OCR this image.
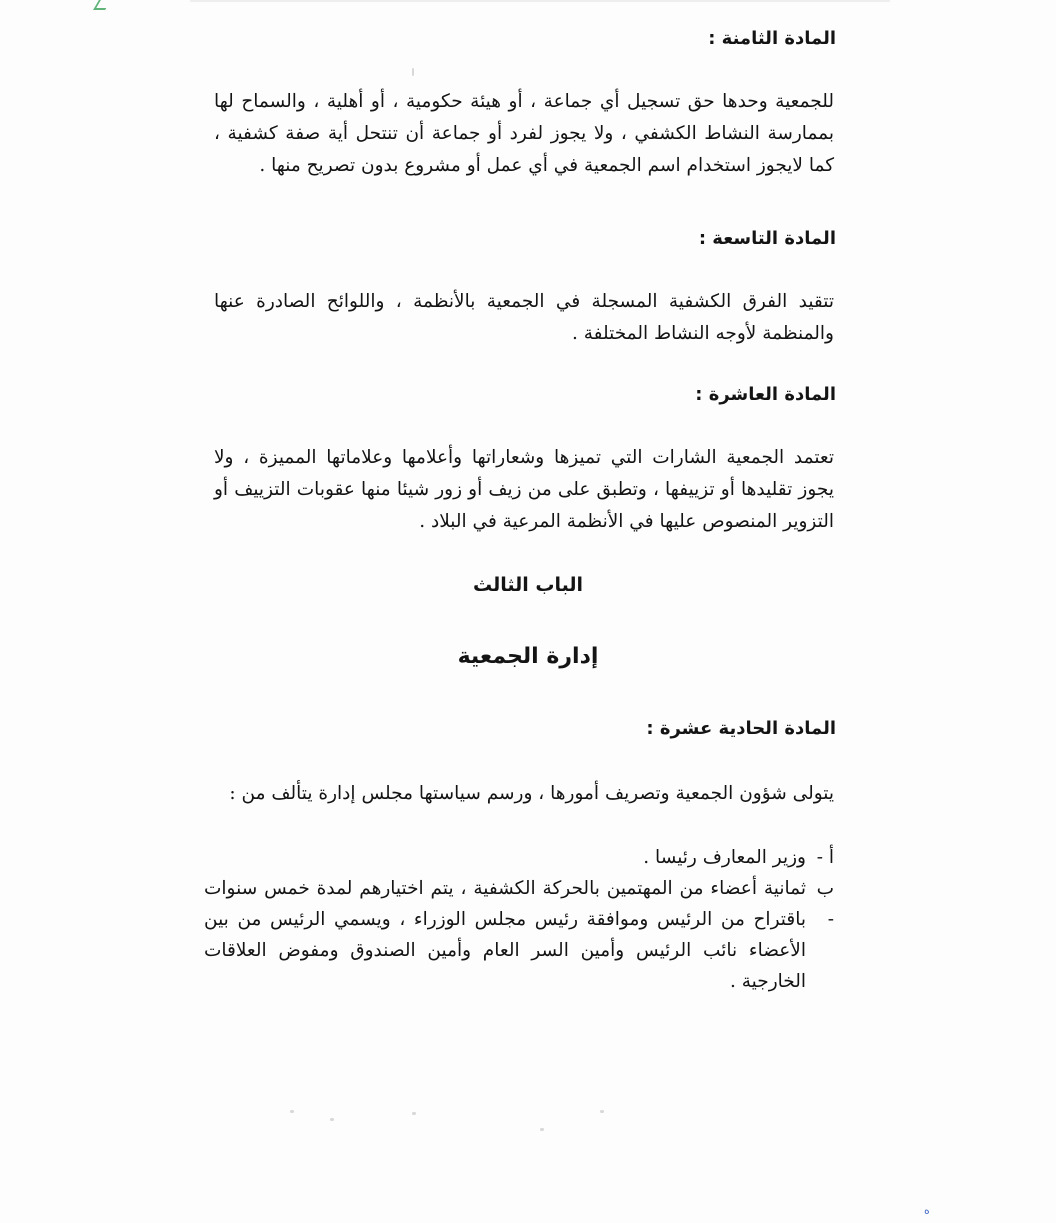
المادة الثامنة :
للجمعية وحدها حق تسجيل أي جماعة ، أو هيئة حكومية ، أو أهلية ، والسماح لها بممارسة النشاط الكشفي ، ولا يجوز لفرد أو جماعة أن تنتحل أية صفة كشفية ، كما لايجوز استخدام اسم الجمعية في أي عمل أو مشروع بدون تصريح منها .
المادة التاسعة :
تتقيد الفرق الكشفية المسجلة في الجمعية بالأنظمة ، واللوائح الصادرة عنها والمنظمة لأوجه النشاط المختلفة .
المادة العاشرة :
تعتمد الجمعية الشارات التي تميزها وشعاراتها وأعلامها وعلاماتها المميزة ، ولا يجوز تقليدها أو تزييفها ، وتطبق على من زيف أو زور شيئا منها عقوبات التزييف أو التزوير المنصوص عليها في الأنظمة المرعية في البلاد .
الباب الثالث
إدارة الجمعية
المادة الحادية عشرة :
يتولى شؤون الجمعية وتصريف أمورها ، ورسم سياستها مجلس إدارة يتألف من :
أ -
وزير المعارف رئيسا .
ب -
ثمانية أعضاء من المهتمين بالحركة الكشفية ، يتم اختيارهم لمدة خمس سنوات باقتراح من الرئيس وموافقة رئيس مجلس الوزراء ، ويسمي الرئيس من بين الأعضاء نائب الرئيس وأمين السر العام وأمين الصندوق ومفوض العلاقات الخارجية .
ه
